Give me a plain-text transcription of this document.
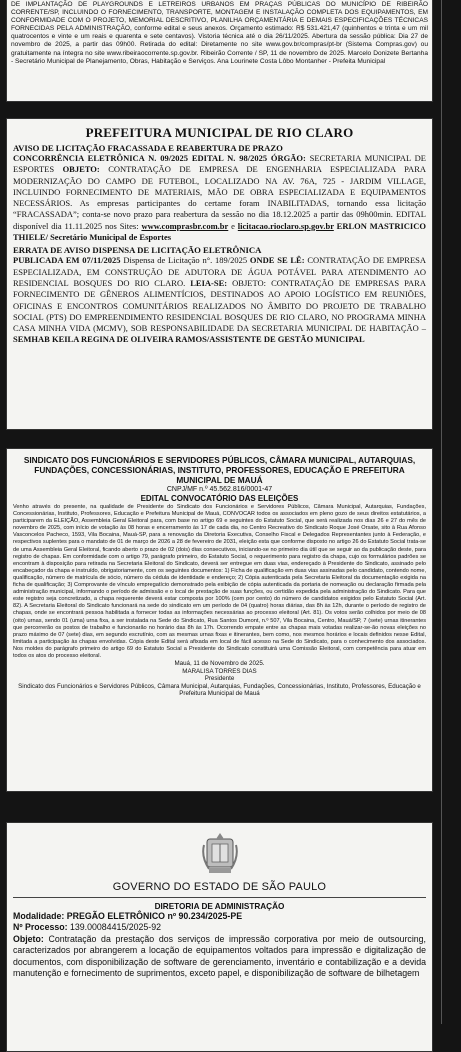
DE IMPLANTAÇÃO DE PLAYGROUNDS E LETREIROS URBANOS EM PRAÇAS PÚBLICAS DO MUNICÍPIO DE RIBEIRÃO CORRENTE/SP, INCLUINDO O FORNECIMENTO, TRANSPORTE, MONTAGEM E INSTALAÇÃO COMPLETA DOS EQUIPAMENTOS, EM CONFORMIDADE COM O PROJETO, MEMORIAL DESCRITIVO, PLANILHA ORÇAMENTÁRIA E DEMAIS ESPECIFICAÇÕES TÉCNICAS FORNECIDAS PELA ADMINISTRAÇÃO, conforme edital e seus anexos. Orçamento estimado: R$ 531.421,47 (quinhentos e trinta e um mil quatrocentos e vinte e um reais e quarenta e sete centavos). Vistoria técnica até o dia 26/11/2025. Abertura da sessão pública: Dia 27 de novembro de 2025, a partir das 09h00. Retirada do edital: Diretamente no site www.gov.br/compras/pt-br (Sistema Compras.gov) ou gratuitamente na íntegra no site www.ribeiraocorrente.sp.gov.br. Ribeirão Corrente / SP, 11 de novembro de 2025. Marcelo Donizete Bertanha - Secretário Municipal de Planejamento, Obras, Habitação e Serviços. Ana Lourinete Costa Lôbo Montanher - Prefeita Municipal
PREFEITURA MUNICIPAL DE RIO CLARO
AVISO DE LICITAÇÃO FRACASSADA E REABERTURA DE PRAZO
CONCORRÊNCIA ELETRÔNICA N. 09/2025 EDITAL N. 98/2025 ÓRGÃO: SECRETARIA MUNICIPAL DE ESPORTES OBJETO: CONTRATAÇÃO DE EMPRESA DE ENGENHARIA ESPECIALIZADA PARA MODERNIZAÇÃO DO CAMPO DE FUTEBOL, LOCALIZADO NA AV. 76A, 725 - JARDIM VILLAGE, INCLUINDO FORNECIMENTO DE MATERIAIS, MÃO DE OBRA ESPECIALIZADA E EQUIPAMENTOS NECESSÁRIOS. As empresas participantes do certame foram INABILITADAS, tornando essa licitação “FRACASSADA”; conta-se novo prazo para reabertura da sessão no dia 18.12.2025 a partir das 09h00min. EDITAL disponível dia 11.11.2025 nos Sites: www.comprasbr.com.br e licitacao.rioclaro.sp.gov.br ERLON MASTRICICO THIELE/ Secretário Municipal de Esportes
ERRATA DE AVISO DISPENSA DE LICITAÇÃO ELETRÔNICA
PUBLICADA EM 07/11/2025 Dispensa de Licitação n°. 189/2025 ONDE SE LÊ: CONTRATAÇÃO DE EMPRESA ESPECIALIZADA, EM CONSTRUÇÃO DE ADUTORA DE ÁGUA POTÁVEL PARA ATENDIMENTO AO RESIDENCIAL BOSQUES DO RIO CLARO. LEIA-SE: OBJETO: CONTRATAÇÃO DE EMPRESAS PARA FORNECIMENTO DE GÊNEROS ALIMENTÍCIOS, DESTINADOS AO APOIO LOGÍSTICO EM REUNIÕES, OFICINAS E ENCONTROS COMUNITÁRIOS REALIZADOS NO ÂMBITO DO PROJETO DE TRABALHO SOCIAL (PTS) DO EMPREENDIMENTO RESIDENCIAL BOSQUES DE RIO CLARO, NO PROGRAMA MINHA CASA MINHA VIDA (MCMV), SOB RESPONSABILIDADE DA SECRETARIA MUNICIPAL DE HABITAÇÃO – SEMHAB KEILA REGINA DE OLIVEIRA RAMOS/ASSISTENTE DE GESTÃO MUNICIPAL
SINDICATO DOS FUNCIONÁRIOS E SERVIDORES PÚBLICOS, CÂMARA MUNICIPAL, AUTARQUIAS, FUNDAÇÕES, CONCESSIONÁRIAS, INSTITUTO, PROFESSORES, EDUCAÇÃO E PREFEITURA MUNICIPAL DE MAUÁ
CNPJ/MF n.º 45.562.816/0001-47
EDITAL CONVOCATÓRIO DAS ELEIÇÕES
Venho através do presente, na qualidade de Presidente do Sindicato dos Funcionários e Servidores Públicos, Câmara Municipal, Autarquias, Fundações, Concessionárias, Instituto, Professores, Educação e Prefeitura Municipal de Mauá, CONVOCAR todos os associados em pleno gozo de seus direitos estatutários, a participarem da ELEIÇÃO, Assembleia Geral Eleitoral para, com base no artigo 69 e seguintes do Estatuto Social, que será realizada nos dias 26 e 27 do mês de novembro de 2025, com início de votação às 08 horas e encerramento às 17 de cada dia, no Centro Recreativo do Sindicato Roque José Orsate, sito à Rua Afonso Vasconcelos Pacheco, 1593, Vila Bocaina, Mauá-SP, para a renovação da Diretoria Executiva, Conselho Fiscal e Delegados Representantes junto à Federação, e respectivos suplentes para o mandato de 01 de março de 2026 a 28 de fevereiro de 2031, eleição esta que conforme disposto no artigo 26 do Estatuto Social trata-se de uma Assembleia Geral Eleitoral, ficando aberto o prazo de 02 (dois) dias consecutivos, iniciando-se no primeiro dia útil que se seguir ao da publicação deste, para registro de chapas. Em conformidade com o artigo 79, parágrafo primeiro, do Estatuto Social, o requerimento para registro da chapa, cujo os formulários padrões se encontram à disposição para retirada na Secretaria Eleitoral do Sindicato, deverá ser entregue em duas vias, endereçado à Presidente do Sindicato, assinado pelo encabeçador da chapa e instruído, obrigatoriamente, com os seguintes documentos: 1) Ficha de qualificação em duas vias assinadas pelo candidato, contendo nome, qualificação, número de matrícula de sócio, número da cédula de identidade e endereço; 2) Cópia autenticada pela Secretaria Eleitoral da documentação exigida na ficha de qualificação; 3) Comprovante de vínculo empregatício demonstrado pela exibição de cópia autenticada da portaria de nomeação ou declaração firmada pela administração municipal, informando o período de admissão e o local de prestação de suas funções, ou certidão expedida pela administração do Sindicato. Para que este registro seja concretizado, a chapa requerente deverá estar composta por 100% (cem por cento) do número de candidatos exigidos pelo Estatuto Social (Art. 82). A Secretaria Eleitoral do Sindicato funcionará na sede do sindicato em um período de 04 (quatro) horas diárias, das 8h às 12h, durante o período de registro de chapas, onde se encontrará pessoa habilitada a fornecer todas as informações necessárias ao processo eleitoral (Art. 81). Os votos serão colhidos por meio de 08 (oito) urnas, sendo 01 (uma) urna fixa, a ser instalada na Sede do Sindicato, Rua Santos Dumont, n.º 507, Vila Bocaina, Centro, Mauá/SP, 7 (sete) urnas itinerantes que percorrerão os postos de trabalho e funcionarão no horário das 8h às 17h. Ocorrendo empate entre as chapas mais votadas realizar-se-ão novas eleições no prazo máximo de 07 (sete) dias, em segundo escrutínio, com as mesmas urnas fixas e itinerantes, bem como, nos mesmos horários e locais definidos nesse Edital, limitada a participação às chapas envolvidas. Cópia deste Edital será afixada em local de fácil acesso na Sede do Sindicato, para o conhecimento dos associados. Nos moldes do parágrafo primeiro do artigo 69 do Estatuto Social a Presidente do Sindicato constituirá uma Comissão Eleitoral, com competência para atuar em todos os atos do processo eleitoral.
Mauá, 11 de Novembro de 2025.
MARALISA TORRES DIAS
Presidente
Sindicato dos Funcionários e Servidores Públicos, Câmara Municipal, Autarquias, Fundações, Concessionárias, Instituto, Professores, Educação e Prefeitura Municipal de Mauá
GOVERNO DO ESTADO DE SÃO PAULO
DIRETORIA DE ADMINISTRAÇÃO
Modalidade: PREGÃO ELETRÔNICO nº 90.234/2025-PE
Nº Processo: 139.00084415/2025-92
Objeto: Contratação da prestação dos serviços de impressão corporativa por meio de outsourcing, caracterizados por abrangerem a locação de equipamentos voltados para impressão e digitalização de documentos, com disponibilização de software de gerenciamento, inventário e contabilização e a devida manutenção e fornecimento de suprimentos, exceto papel, e disponibilização de software de bilhetagem
